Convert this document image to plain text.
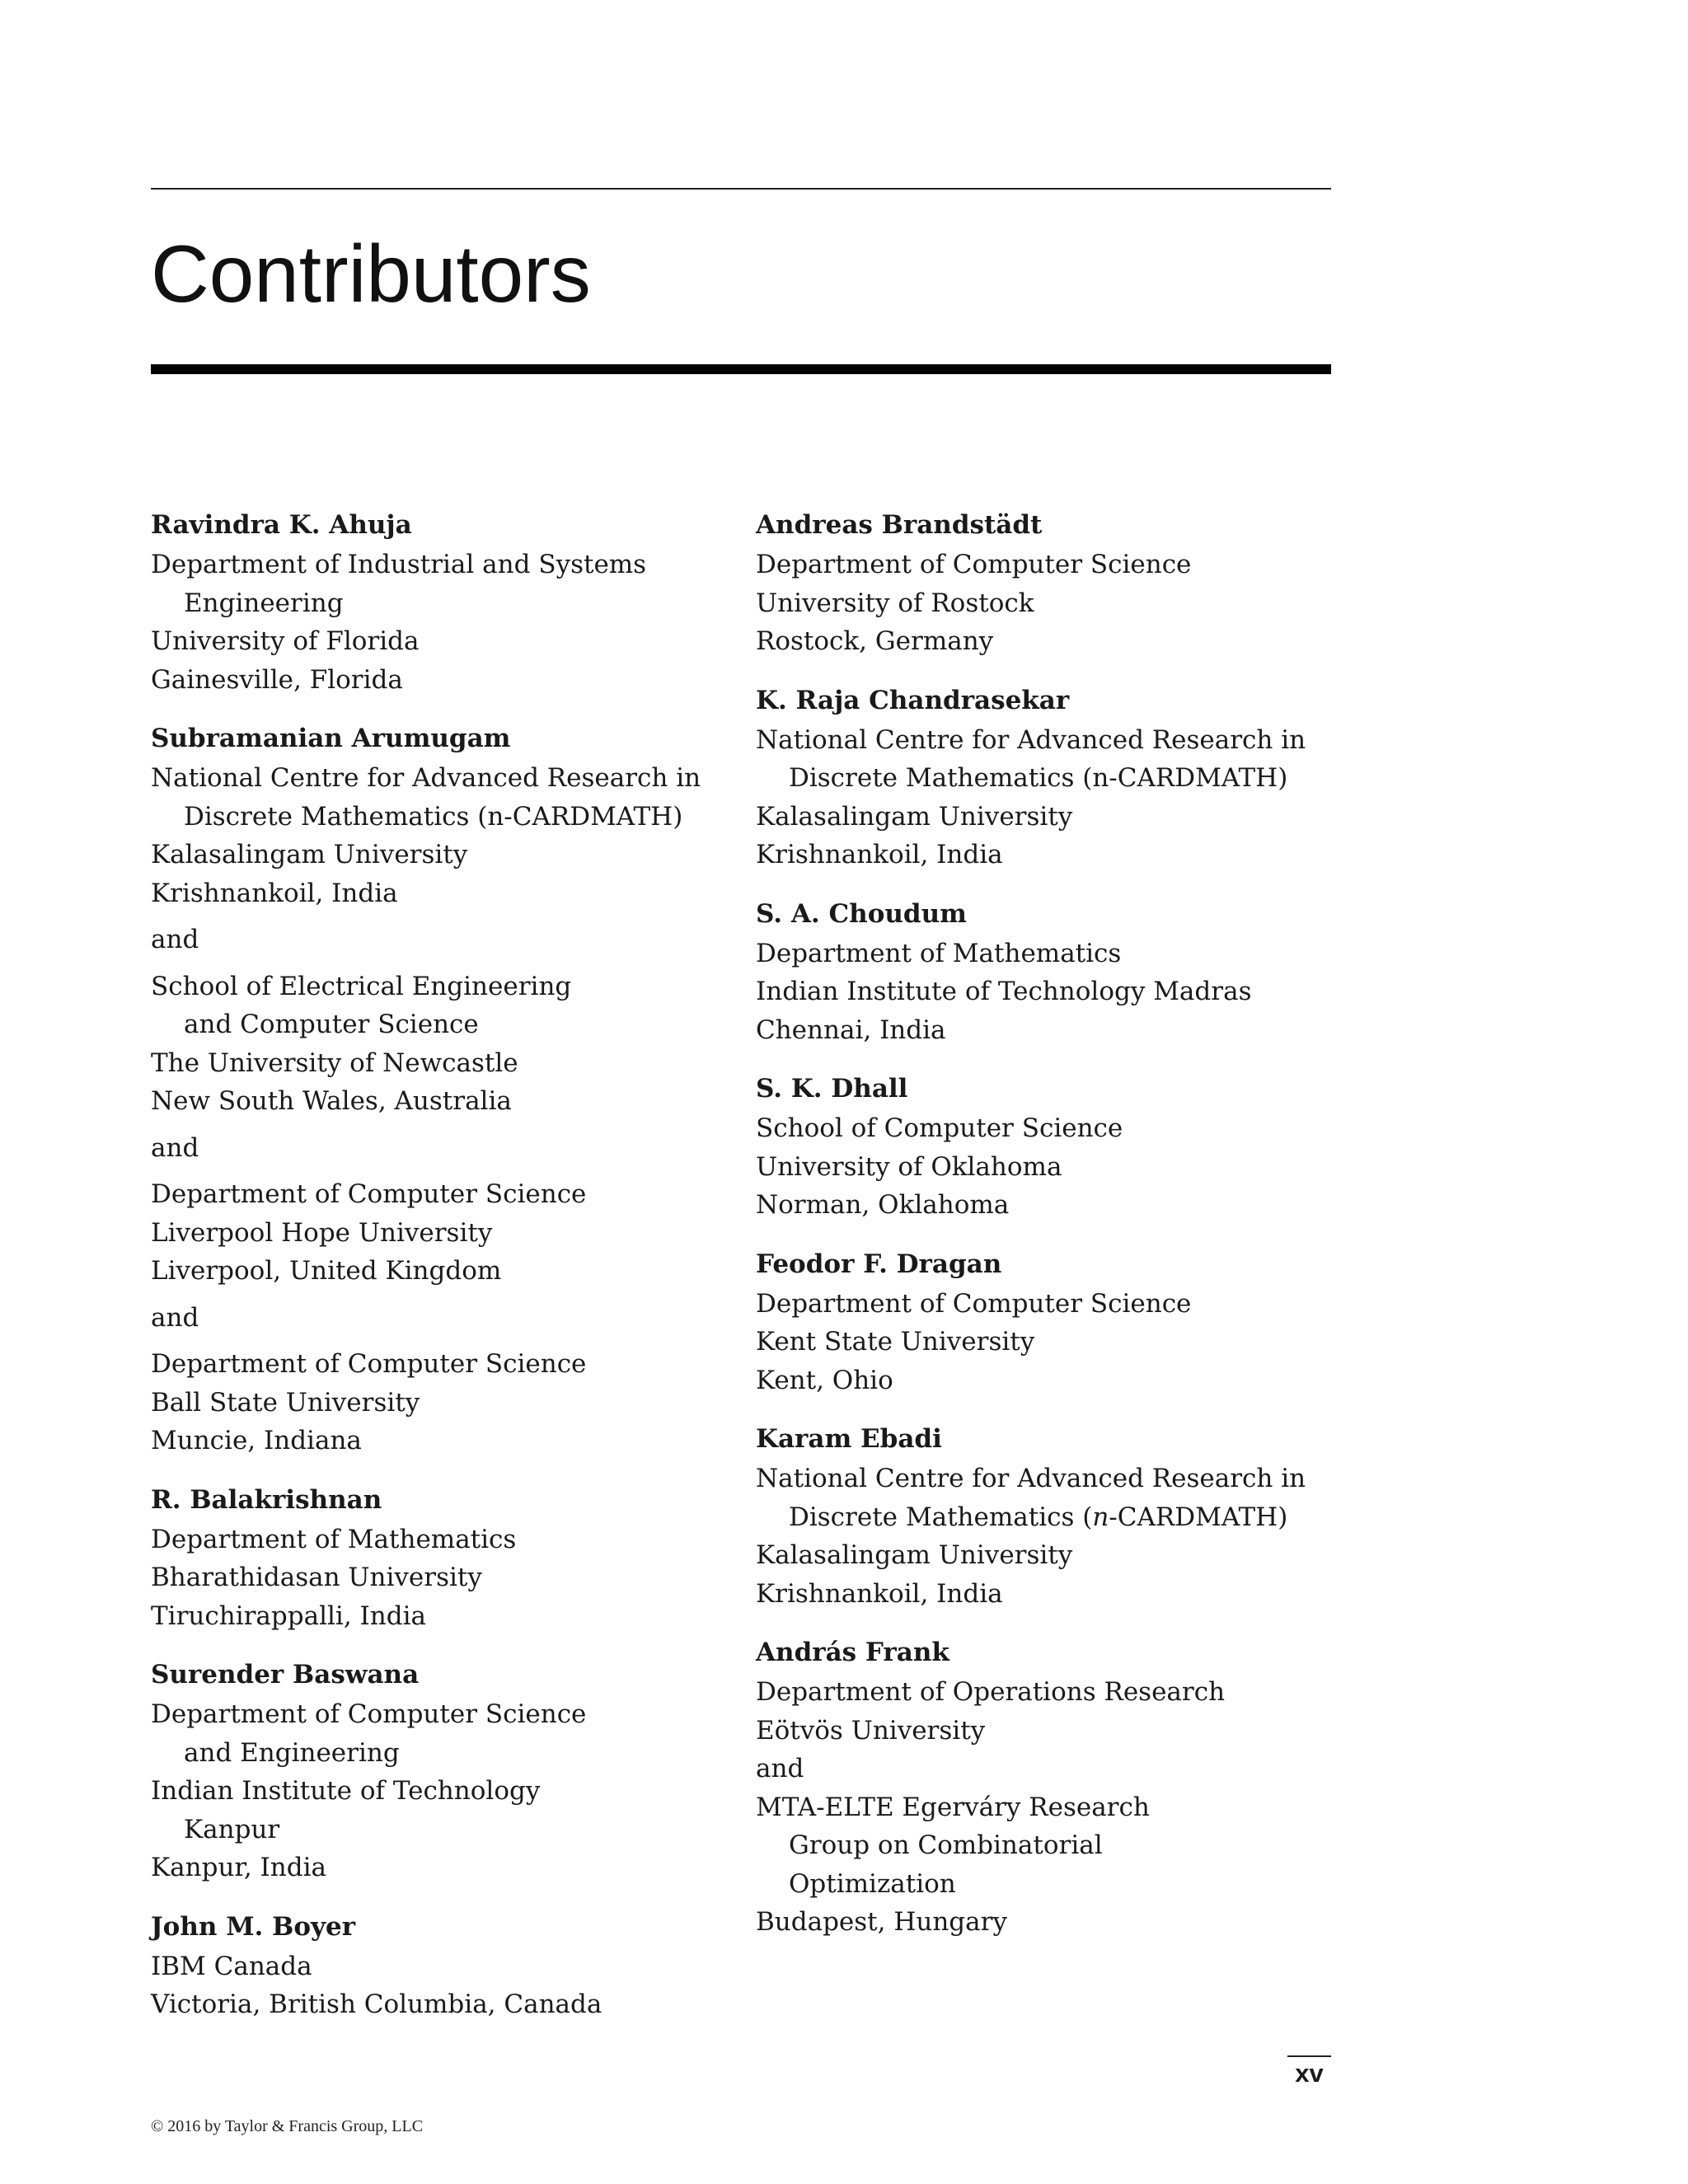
Contributors
Ravindra K. Ahuja
Department of Industrial and Systems
Engineering
University of Florida
Gainesville, Florida
Subramanian Arumugam
National Centre for Advanced Research in
Discrete Mathematics (n-CARDMATH)
Kalasalingam University
Krishnankoil, India
and
School of Electrical Engineering
and Computer Science
The University of Newcastle
New South Wales, Australia
and
Department of Computer Science
Liverpool Hope University
Liverpool, United Kingdom
and
Department of Computer Science
Ball State University
Muncie, Indiana
R. Balakrishnan
Department of Mathematics
Bharathidasan University
Tiruchirappalli, India
Surender Baswana
Department of Computer Science
and Engineering
Indian Institute of Technology
Kanpur
Kanpur, India
John M. Boyer
IBM Canada
Victoria, British Columbia, Canada
Andreas Brandstädt
Department of Computer Science
University of Rostock
Rostock, Germany
K. Raja Chandrasekar
National Centre for Advanced Research in
Discrete Mathematics (n-CARDMATH)
Kalasalingam University
Krishnankoil, India
S. A. Choudum
Department of Mathematics
Indian Institute of Technology Madras
Chennai, India
S. K. Dhall
School of Computer Science
University of Oklahoma
Norman, Oklahoma
Feodor F. Dragan
Department of Computer Science
Kent State University
Kent, Ohio
Karam Ebadi
National Centre for Advanced Research in
Discrete Mathematics (n-CARDMATH)
Kalasalingam University
Krishnankoil, India
András Frank
Department of Operations Research
Eötvös University
and
MTA-ELTE Egerváry Research
Group on Combinatorial
Optimization
Budapest, Hungary
xv
© 2016 by Taylor & Francis Group, LLC
